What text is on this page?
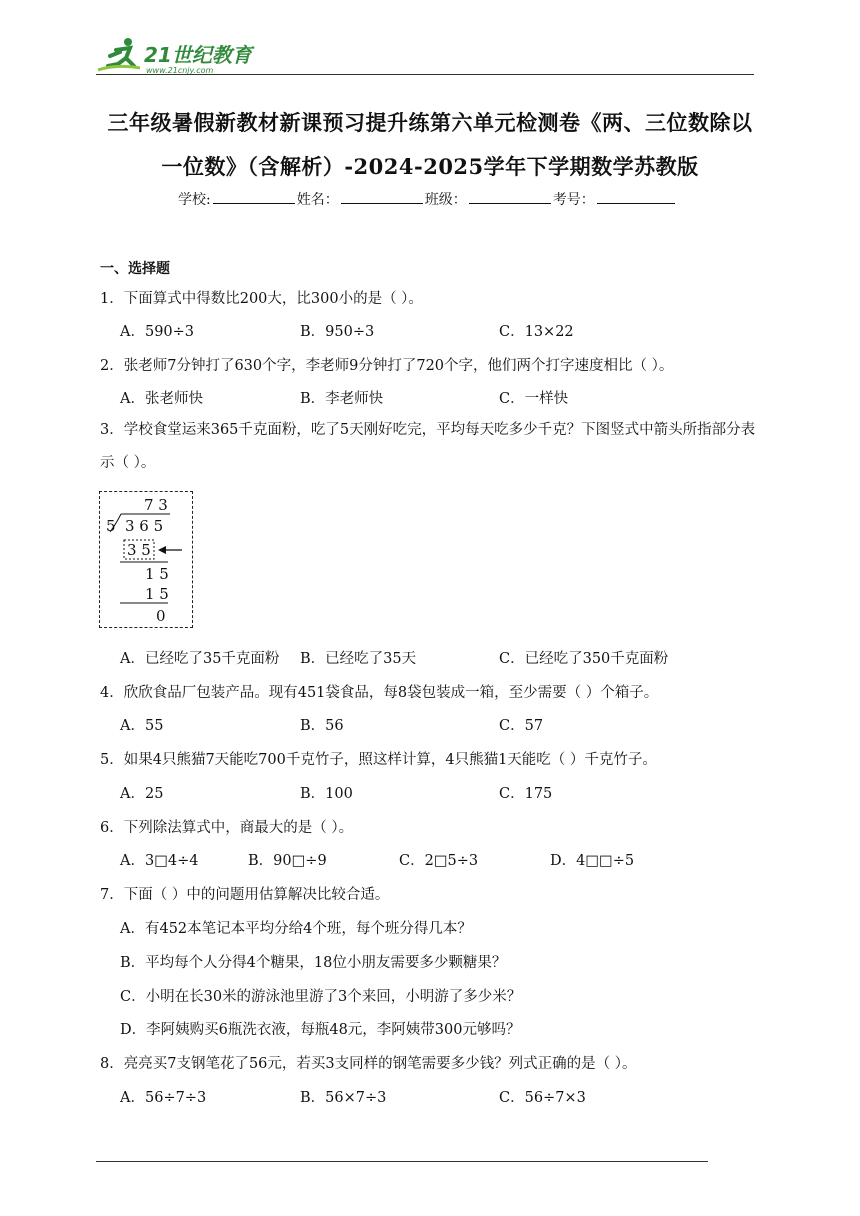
21世纪教育
www.21cnjy.com
三年级暑假新教材新课预习提升练第六单元检测卷《两、三位数除以
一位数》（含解析）-2024-2025学年下学期数学苏教版
学校:	姓名：	班级：	考号：
一、选择题
1．下面算式中得数比200大，比300小的是（ ）。
A．590÷3	B．950÷3	C．13×22
2．张老师7分钟打了630个字，李老师9分钟打了720个字，他们两个打字速度相比（ ）。
A．张老师快	B．李老师快	C．一样快
3．学校食堂运来365千克面粉，吃了5天刚好吃完，平均每天吃多少千克？下图竖式中箭头所指部分表示（ ）。
7 3
5 3 6 5
3 5
1 5
1 5
0
A．已经吃了35千克面粉 B．已经吃了35天	C．已经吃了350千克面粉
4．欣欣食品厂包装产品。现有451袋食品，每8袋包装成一箱，至少需要（ ）个箱子。
A．55	B．56	C．57
5．如果4只熊猫7天能吃700千克竹子，照这样计算，4只熊猫1天能吃（ ）千克竹子。
A．25	B．100	C．175
6．下列除法算式中，商最大的是（ ）。
A．3□4÷4	B．90□÷9	C．2□5÷3	D．4□□÷5
7．下面（ ）中的问题用估算解决比较合适。
A．有452本笔记本平均分给4个班，每个班分得几本？
B．平均每个人分得4个糖果，18位小朋友需要多少颗糖果？
C．小明在长30米的游泳池里游了3个来回，小明游了多少米？
D．李阿姨购买6瓶洗衣液，每瓶48元，李阿姨带300元够吗？
8．亮亮买7支钢笔花了56元，若买3支同样的钢笔需要多少钱？列式正确的是（ ）。
A．56÷7÷3	B．56×7÷3	C．56÷7×3
